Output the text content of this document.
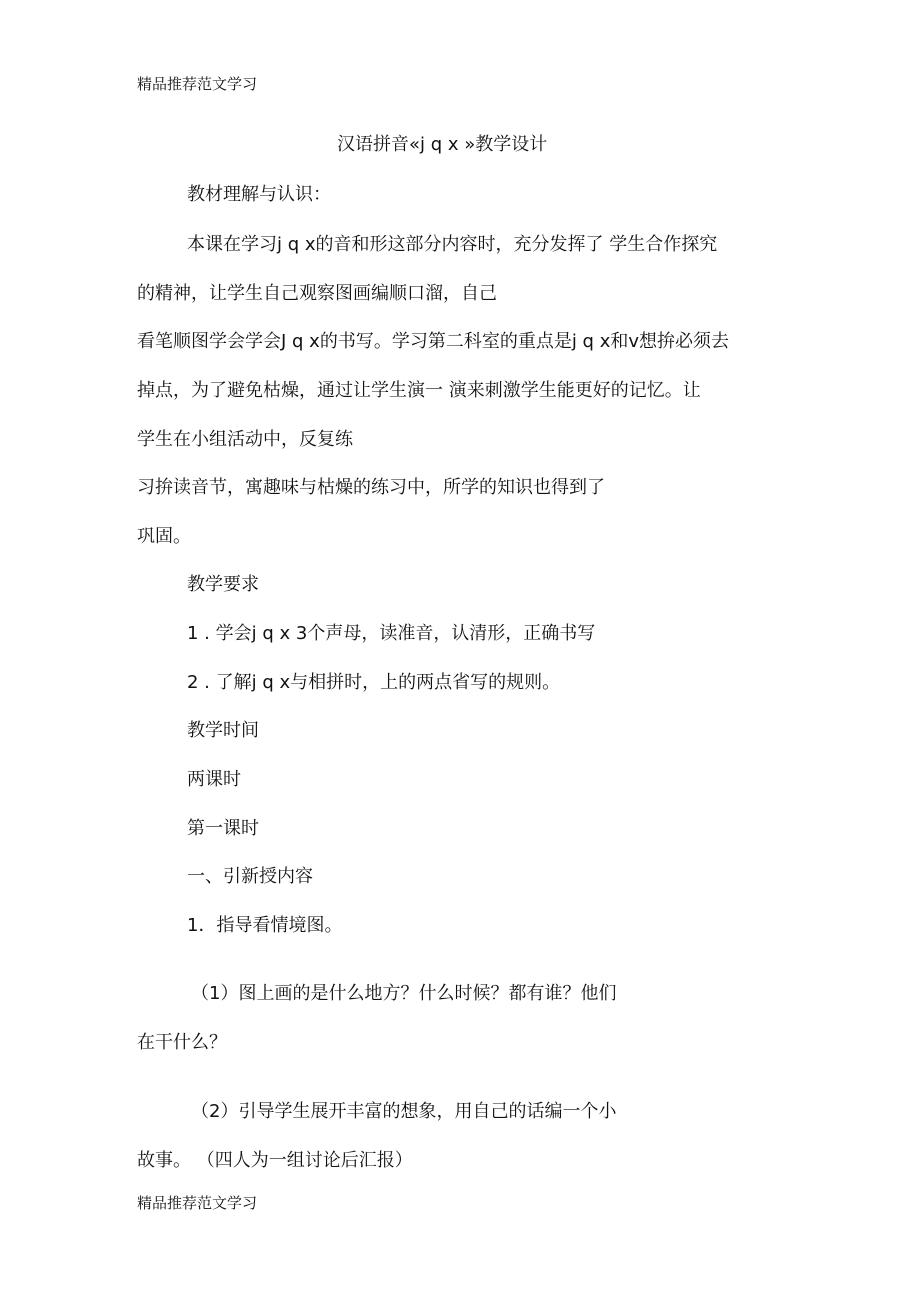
精品推荐范文学习
汉语拼音«j q x »教学设计
教材理解与认识：
本课在学习j q x的音和形这部分内容时，充分发挥了 学生合作探究
的精神，让学生自己观察图画编顺口溜，自己
看笔顺图学会学会J q x的书写。学习第二科室的重点是j q x和v想拚必须去
掉点，为了避免枯燥，通过让学生演一 演来刺激学生能更好的记忆。让
学生在小组活动中，反复练
习拚读音节，寓趣味与枯燥的练习中，所学的知识也得到了
巩固。
教学要求
1 . 学会j q x 3个声母，读准音，认清形，正确书写
2 . 了解j q x与相拼时，上的两点省写的规则。
教学时间
两课时
第一课时
一、引新授内容
1．指导看情境图。
（1）图上画的是什么地方？什么时候？都有谁？他们
在干什么？
（2）引导学生展开丰富的想象，用自己的话编一个小
故事。 （四人为一组讨论后汇报）
精品推荐范文学习
